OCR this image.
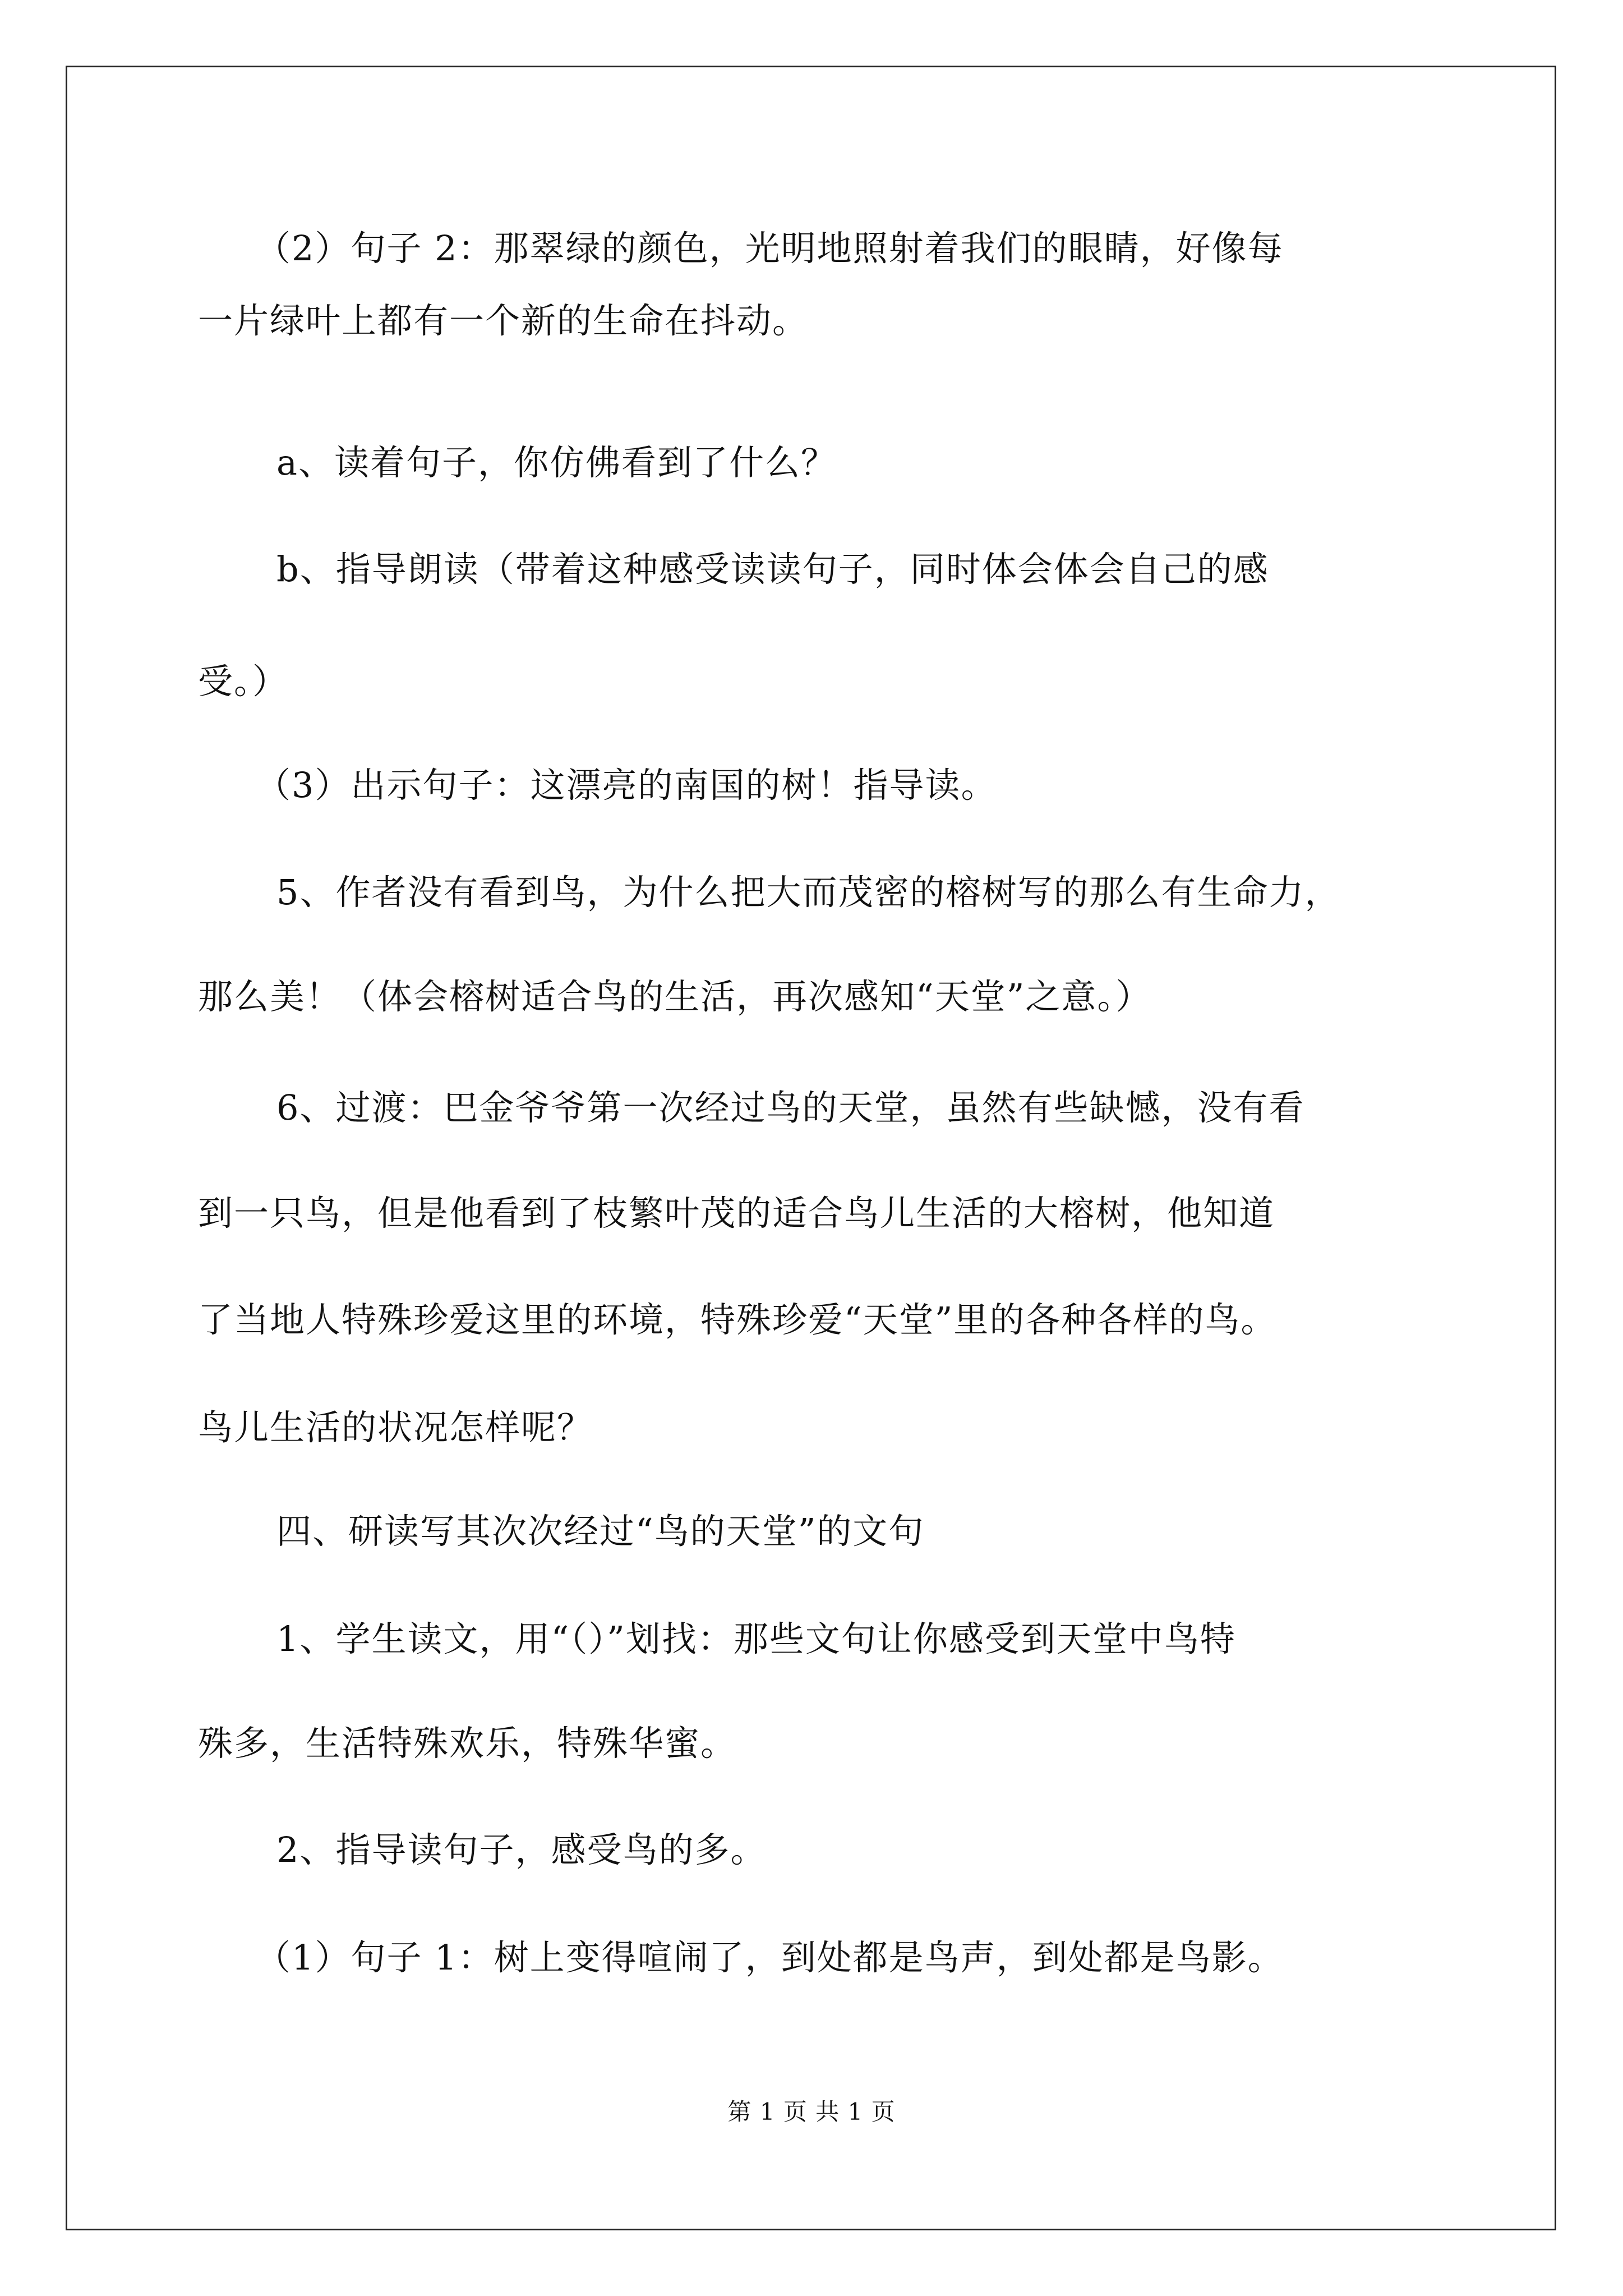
（2）句子 2：那翠绿的颜色，光明地照射着我们的眼睛，好像每
一片绿叶上都有一个新的生命在抖动。
a、读着句子，你仿佛看到了什么？
b、指导朗读（带着这种感受读读句子，同时体会体会自己的感
受。）
（3）出示句子：这漂亮的南国的树！指导读。
5、作者没有看到鸟，为什么把大而茂密的榕树写的那么有生命力，
那么美！（体会榕树适合鸟的生活，再次感知“天堂”之意。）
6、过渡：巴金爷爷第一次经过鸟的天堂，虽然有些缺憾，没有看
到一只鸟，但是他看到了枝繁叶茂的适合鸟儿生活的大榕树，他知道
了当地人特殊珍爱这里的环境，特殊珍爱“天堂”里的各种各样的鸟。
鸟儿生活的状况怎样呢？
四、研读写其次次经过“鸟的天堂”的文句
1、学生读文，用“（）”划找：那些文句让你感受到天堂中鸟特
殊多，生活特殊欢乐，特殊华蜜。
2、指导读句子，感受鸟的多。
（1）句子 1：树上变得喧闹了，到处都是鸟声，到处都是鸟影。
第 1 页 共 1 页
